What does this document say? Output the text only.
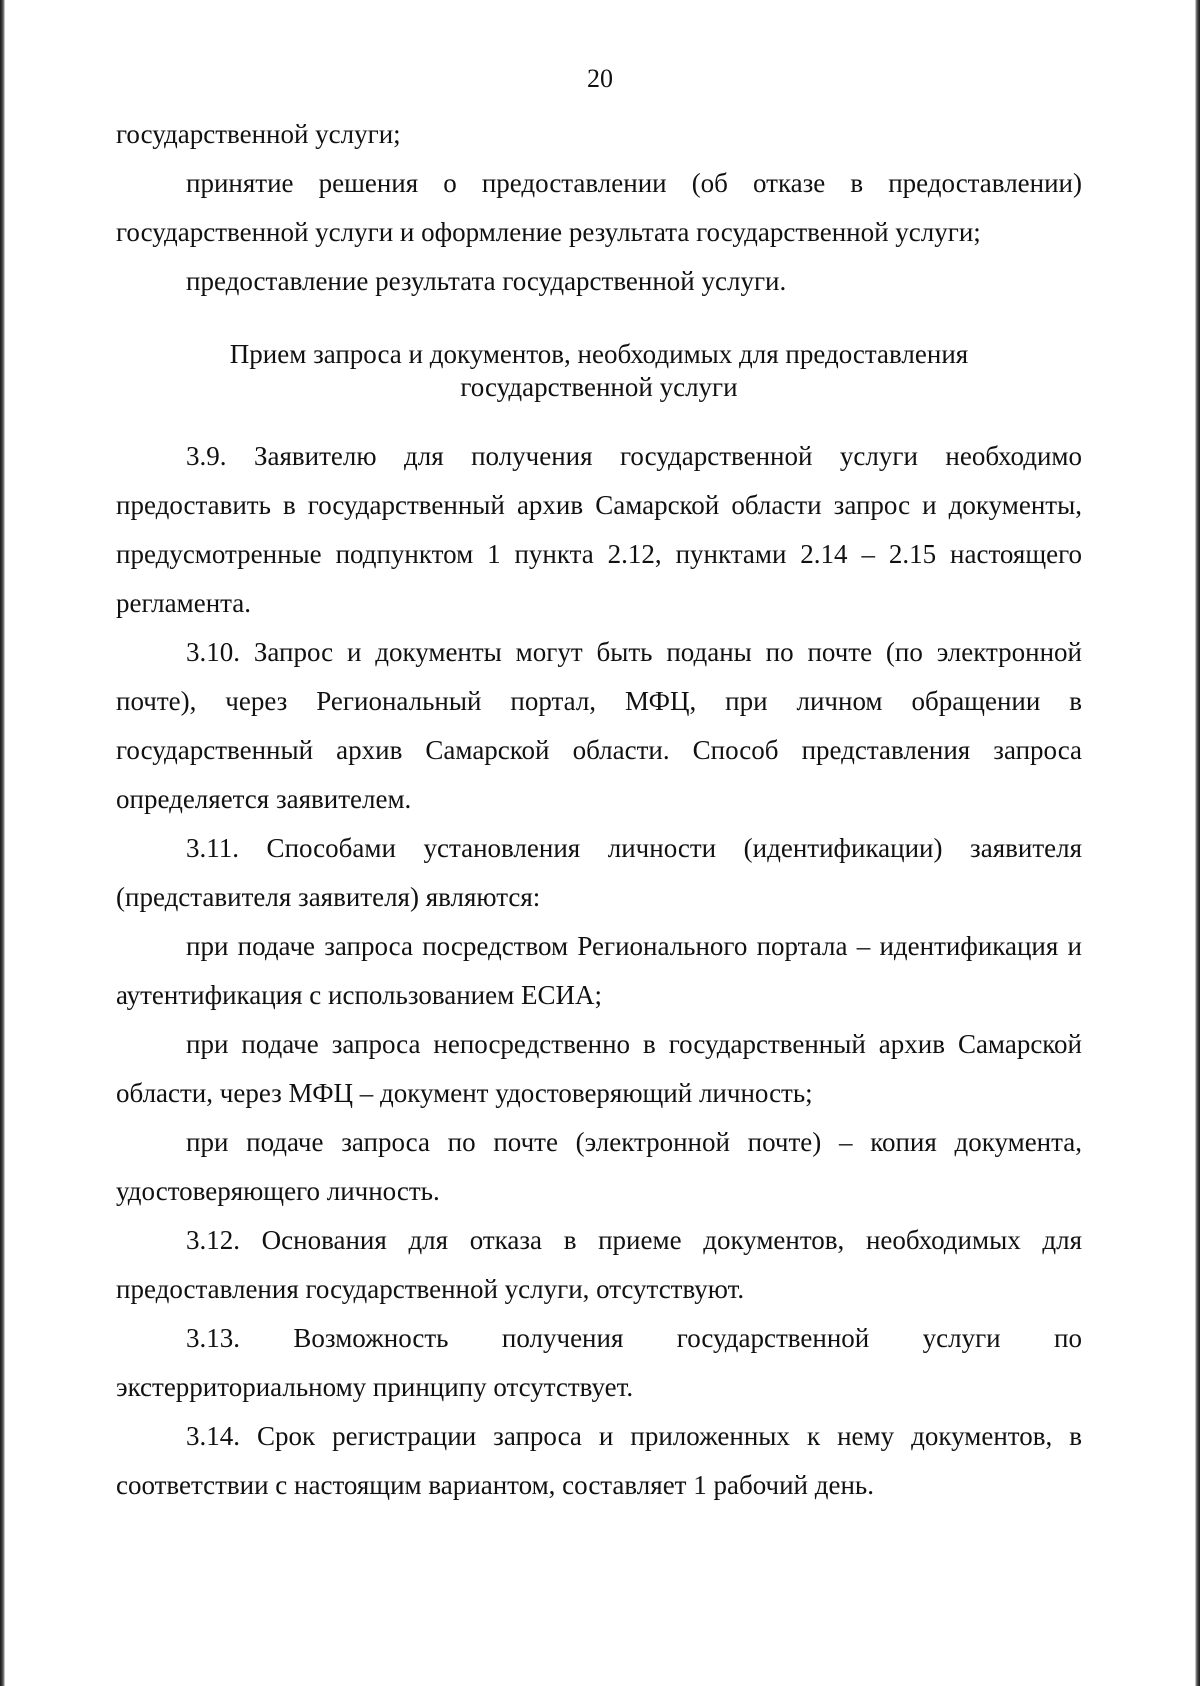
20

государственной услуги;

принятие решения о предоставлении (об отказе в предоставлении) государственной услуги и оформление результата государственной услуги;

предоставление результата государственной услуги.

Прием запроса и документов, необходимых для предоставления
государственной услуги

3.9. Заявителю для получения государственной услуги необходимо предоставить в государственный архив Самарской области запрос и документы, предусмотренные подпунктом 1 пункта 2.12, пунктами 2.14 – 2.15 настоящего регламента.

3.10. Запрос и документы могут быть поданы по почте (по электронной почте), через Региональный портал, МФЦ, при личном обращении в государственный архив Самарской области. Способ представления запроса определяется заявителем.

3.11. Способами установления личности (идентификации) заявителя (представителя заявителя) являются:

при подаче запроса посредством Регионального портала – идентификация и аутентификация с использованием ЕСИА;

при подаче запроса непосредственно в государственный архив Самарской области, через МФЦ – документ удостоверяющий личность;

при подаче запроса по почте (электронной почте) – копия документа, удостоверяющего личность.

3.12. Основания для отказа в приеме документов, необходимых для предоставления государственной услуги, отсутствуют.

3.13. Возможность получения государственной услуги по экстерриториальному принципу отсутствует.

3.14. Срок регистрации запроса и приложенных к нему документов, в соответствии с настоящим вариантом, составляет 1 рабочий день.
